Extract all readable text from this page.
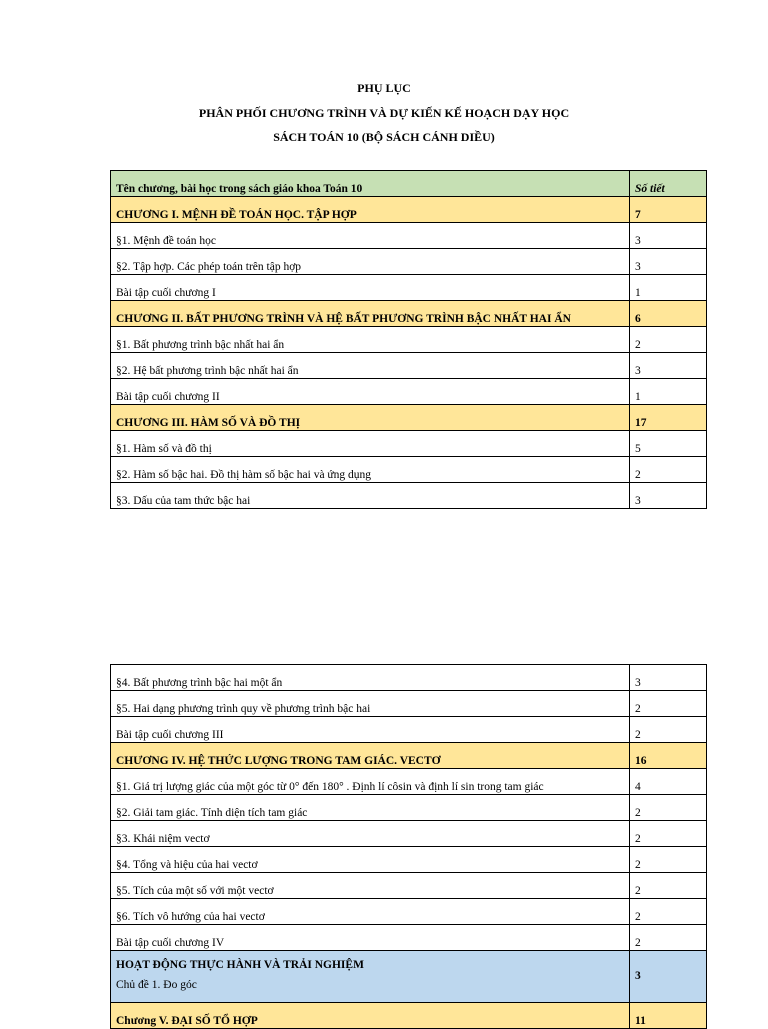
PHỤ LỤC
PHÂN PHỐI CHƯƠNG TRÌNH VÀ DỰ KIẾN KẾ HOẠCH DẠY HỌC
SÁCH TOÁN 10 (BỘ SÁCH CÁNH DIỀU)
Tên chương, bài học trong sách giáo khoa Toán 10	Số tiết
CHƯƠNG I. MỆNH ĐỀ TOÁN HỌC. TẬP HỢP	7
§1. Mệnh đề toán học	3
§2. Tập hợp. Các phép toán trên tập hợp	3
Bài tập cuối chương I	1
CHƯƠNG II. BẤT PHƯƠNG TRÌNH VÀ HỆ BẤT PHƯƠNG TRÌNH BẬC NHẤT HAI ẨN	6
§1. Bất phương trình bậc nhất hai ẩn	2
§2. Hệ bất phương trình bậc nhất hai ẩn	3
Bài tập cuối chương II	1
CHƯƠNG III. HÀM SỐ VÀ ĐỒ THỊ	17
§1. Hàm số và đồ thị	5
§2. Hàm số bậc hai. Đồ thị hàm số bậc hai và ứng dụng	2
§3. Dấu của tam thức bậc hai	3
§4. Bất phương trình bậc hai một ẩn	3
§5. Hai dạng phương trình quy về phương trình bậc hai	2
Bài tập cuối chương III	2
CHƯƠNG IV. HỆ THỨC LƯỢNG TRONG TAM GIÁC. VECTƠ	16
§1. Giá trị lượng giác của một góc từ 0° đến 180° . Định lí côsin và định lí sin trong tam giác	4
§2. Giải tam giác. Tính diện tích tam giác	2
§3. Khái niệm vectơ	2
§4. Tổng và hiệu của hai vectơ	2
§5. Tích của một số với một vectơ	2
§6. Tích vô hướng của hai vectơ	2
Bài tập cuối chương IV	2

HOẠT ĐỘNG THỰC HÀNH VÀ TRẢI NGHIỆM
Chủ đề 1. Đo góc	3
Chương V. ĐẠI SỐ TỔ HỢP	11
